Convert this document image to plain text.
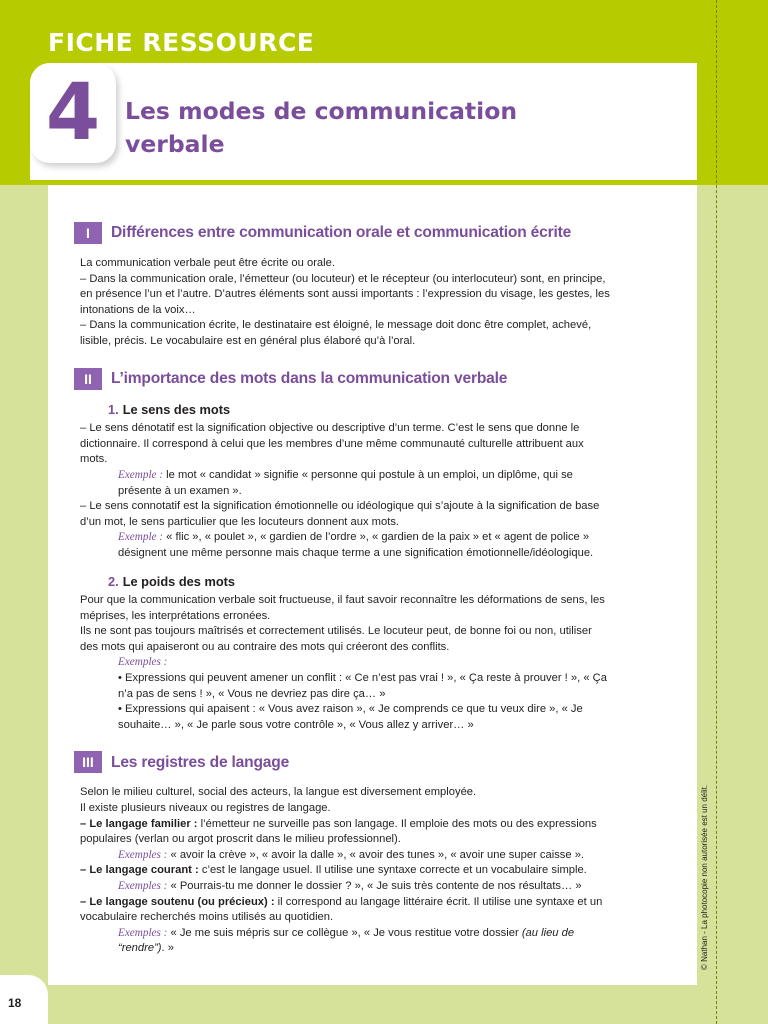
FICHE RESSOURCE
4	Les modes de communication
verbale
I	Différences entre communication orale et communication écrite

La communication verbale peut être écrite ou orale.

– Dans la communication orale, l’émetteur (ou locuteur) et le récepteur (ou interlocuteur) sont, en principe, en présence l’un et l’autre. D’autres éléments sont aussi importants : l’expression du visage, les gestes, les intonations de la voix…

– Dans la communication écrite, le destinataire est éloigné, le message doit donc être complet, achevé, lisible, précis. Le vocabulaire est en général plus élaboré qu’à l’oral.

II	L’importance des mots dans la communication verbale
1. Le sens des mots

– Le sens dénotatif est la signification objective ou descriptive d’un terme. C’est le sens que donne le dictionnaire. Il correspond à celui que les membres d’une même communauté culturelle attribuent aux mots.

Exemple : le mot « candidat » signifie « personne qui postule à un emploi, un diplôme, qui se présente à un examen ».

– Le sens connotatif est la signification émotionnelle ou idéologique qui s’ajoute à la signification de base d’un mot, le sens particulier que les locuteurs donnent aux mots.

Exemple : « flic », « poulet », « gardien de l’ordre », « gardien de la paix » et « agent de police » désignent une même personne mais chaque terme a une signification émotionnelle/idéologique.

2. Le poids des mots

Pour que la communication verbale soit fructueuse, il faut savoir reconnaître les déformations de sens, les méprises, les interprétations erronées.

Ils ne sont pas toujours maîtrisés et correctement utilisés. Le locuteur peut, de bonne foi ou non, utiliser des mots qui apaiseront ou au contraire des mots qui créeront des conflits.

Exemples :

• Expressions qui peuvent amener un conflit : « Ce n’est pas vrai ! », « Ça reste à prouver ! », « Ça n’a pas de sens ! », « Vous ne devriez pas dire ça… »

• Expressions qui apaisent : « Vous avez raison », « Je comprends ce que tu veux dire », « Je souhaite… », « Je parle sous votre contrôle », « Vous allez y arriver… »

III	Les registres de langage

Selon le milieu culturel, social des acteurs, la langue est diversement employée.

Il existe plusieurs niveaux ou registres de langage.

– Le langage familier : l’émetteur ne surveille pas son langage. Il emploie des mots ou des expressions populaires (verlan ou argot proscrit dans le milieu professionnel).

Exemples : « avoir la crève », « avoir la dalle », « avoir des tunes », « avoir une super caisse ».

– Le langage courant : c’est le langage usuel. Il utilise une syntaxe correcte et un vocabulaire simple.

Exemples : « Pourrais-tu me donner le dossier ? », « Je suis très contente de nos résultats… »

– Le langage soutenu (ou précieux) : il correspond au langage littéraire écrit. Il utilise une syntaxe et un vocabulaire recherchés moins utilisés au quotidien.

Exemples : « Je me suis mépris sur ce collègue », « Je vous restitue votre dossier (au lieu de “rendre”). »

18
© Nathan - La photocopie non autorisée est un délit.
